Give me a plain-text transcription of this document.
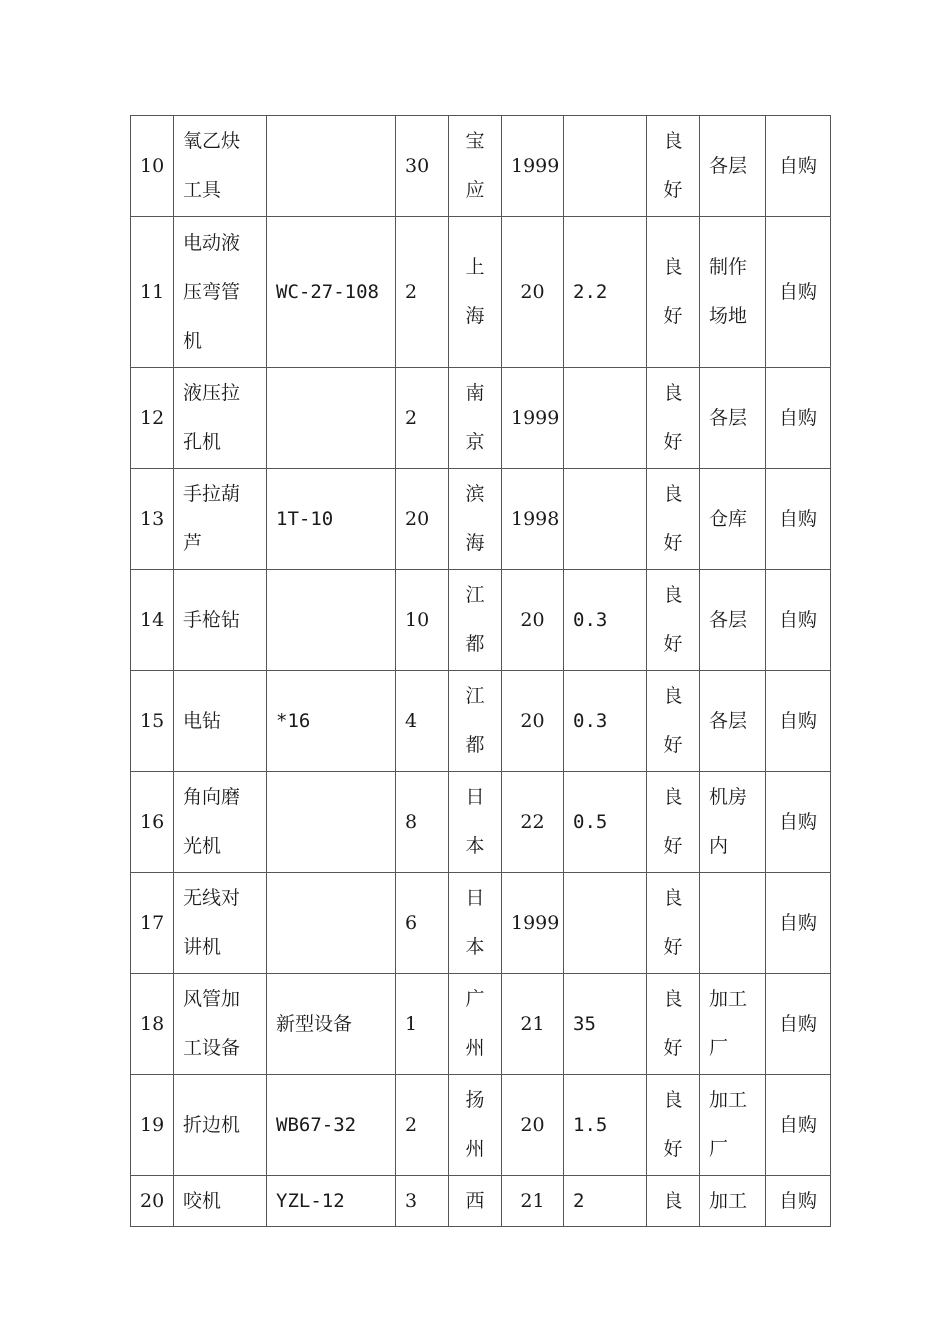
10	氧乙炔工具		30	宝应	1999		良好	各层	自购
11	电动液压弯管机	WC-27-108	2	上海	20	2.2	良好	制作场地	自购
12	液压拉孔机		2	南京	1999		良好	各层	自购
13	手拉葫芦	1T-10	20	滨海	1998		良好	仓库	自购
14	手枪钻		10	江都	20	0.3	良好	各层	自购
15	电钻	*16	4	江都	20	0.3	良好	各层	自购
16	角向磨光机		8	日本	22	0.5	良好	机房内	自购
17	无线对讲机		6	日本	1999		良好		自购
18	风管加工设备	新型设备	1	广州	21	35	良好	加工厂	自购
19	折边机	WB67-32	2	扬州	20	1.5	良好	加工厂	自购
20	咬机	YZL-12	3	西	21	2	良	加工	自购
